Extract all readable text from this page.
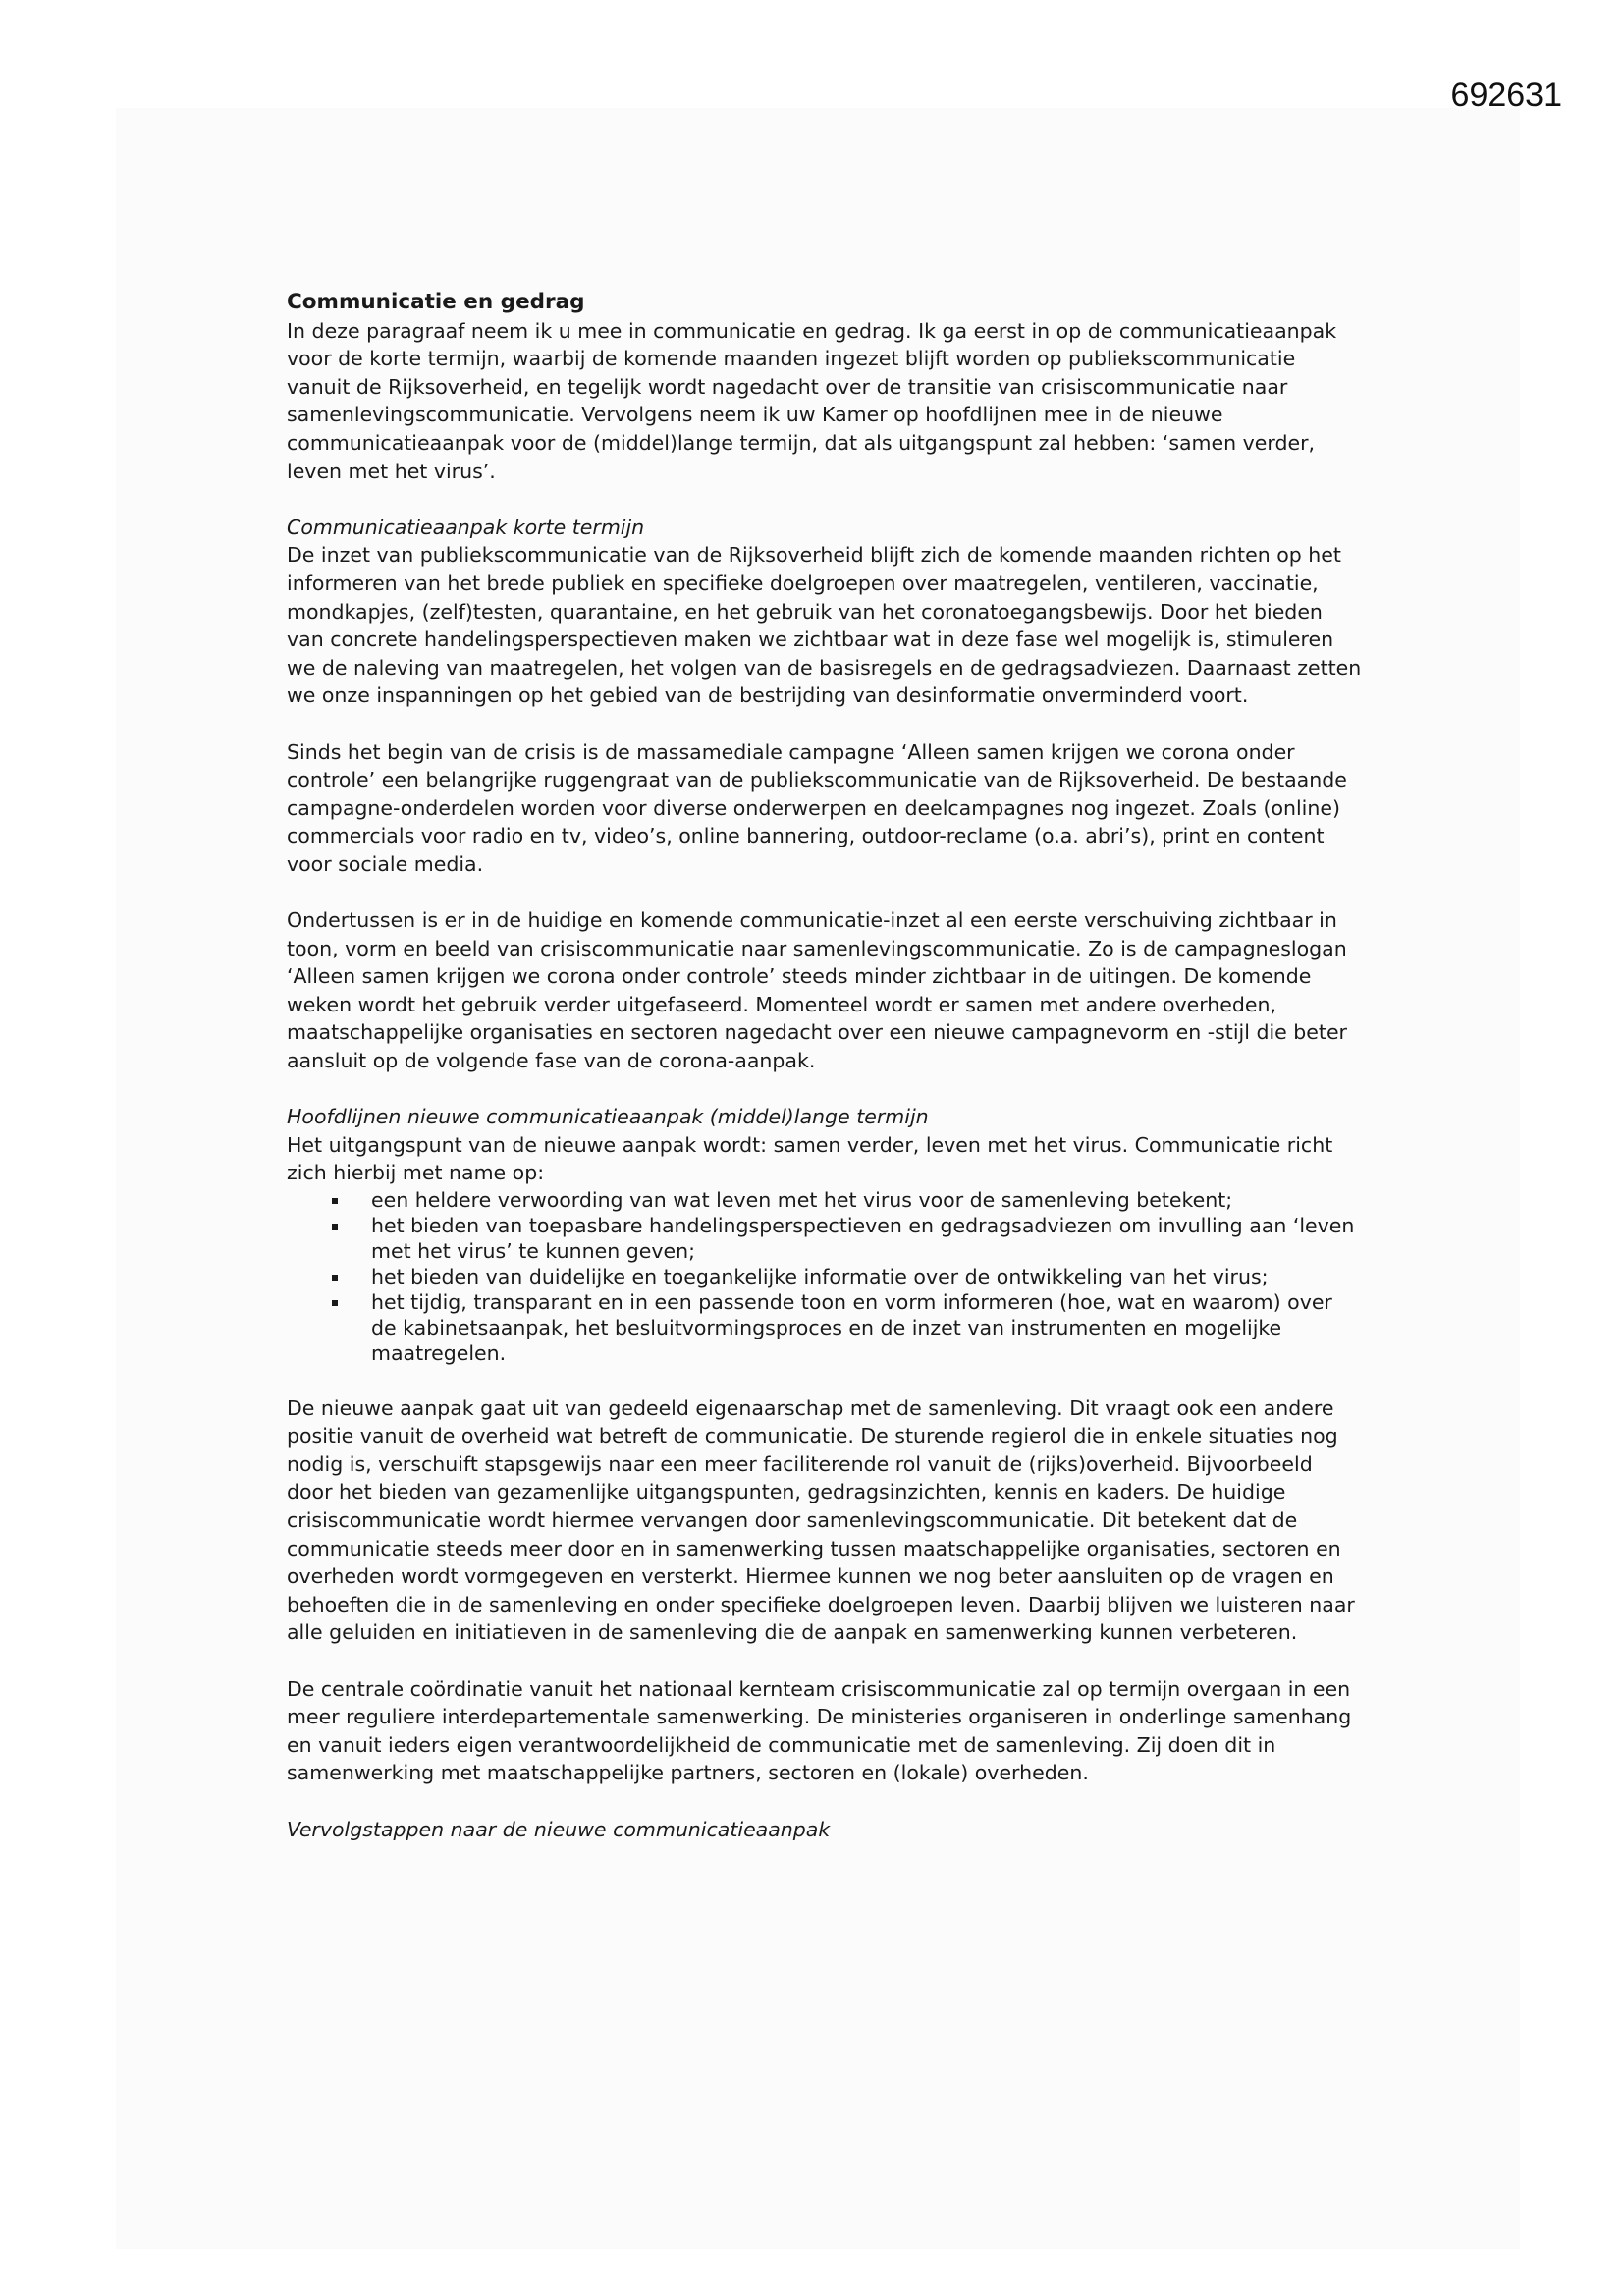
692631

Communicatie en gedrag

In deze paragraaf neem ik u mee in communicatie en gedrag. Ik ga eerst in op de communicatieaanpak voor de korte termijn, waarbij de komende maanden ingezet blijft worden op publiekscommunicatie vanuit de Rijksoverheid, en tegelijk wordt nagedacht over de transitie van crisiscommunicatie naar samenlevingscommunicatie. Vervolgens neem ik uw Kamer op hoofdlijnen mee in de nieuwe communicatieaanpak voor de (middel)lange termijn, dat als uitgangspunt zal hebben: ‘samen verder, leven met het virus’.

Communicatieaanpak korte termijn

De inzet van publiekscommunicatie van de Rijksoverheid blijft zich de komende maanden richten op het informeren van het brede publiek en specifieke doelgroepen over maatregelen, ventileren, vaccinatie, mondkapjes, (zelf)testen, quarantaine, en het gebruik van het coronatoegangsbewijs. Door het bieden van concrete handelingsperspectieven maken we zichtbaar wat in deze fase wel mogelijk is, stimuleren we de naleving van maatregelen, het volgen van de basisregels en de gedragsadviezen. Daarnaast zetten we onze inspanningen op het gebied van de bestrijding van desinformatie onverminderd voort.

Sinds het begin van de crisis is de massamediale campagne ‘Alleen samen krijgen we corona onder controle’ een belangrijke ruggengraat van de publiekscommunicatie van de Rijksoverheid. De bestaande campagne-onderdelen worden voor diverse onderwerpen en deelcampagnes nog ingezet. Zoals (online) commercials voor radio en tv, video’s, online bannering, outdoor-reclame (o.a. abri’s), print en content voor sociale media.

Ondertussen is er in de huidige en komende communicatie-inzet al een eerste verschuiving zichtbaar in toon, vorm en beeld van crisiscommunicatie naar samenlevingscommunicatie. Zo is de campagneslogan ‘Alleen samen krijgen we corona onder controle’ steeds minder zichtbaar in de uitingen. De komende weken wordt het gebruik verder uitgefaseerd. Momenteel wordt er samen met andere overheden, maatschappelijke organisaties en sectoren nagedacht over een nieuwe campagnevorm en -stijl die beter aansluit op de volgende fase van de corona-aanpak.

Hoofdlijnen nieuwe communicatieaanpak (middel)lange termijn

Het uitgangspunt van de nieuwe aanpak wordt: samen verder, leven met het virus. Communicatie richt zich hierbij met name op:

een heldere verwoording van wat leven met het virus voor de samenleving betekent;
het bieden van toepasbare handelingsperspectieven en gedragsadviezen om invulling aan ‘leven met het virus’ te kunnen geven;
het bieden van duidelijke en toegankelijke informatie over de ontwikkeling van het virus;
het tijdig, transparant en in een passende toon en vorm informeren (hoe, wat en waarom) over de kabinetsaanpak, het besluitvormingsproces en de inzet van instrumenten en mogelijke maatregelen.

De nieuwe aanpak gaat uit van gedeeld eigenaarschap met de samenleving. Dit vraagt ook een andere positie vanuit de overheid wat betreft de communicatie. De sturende regierol die in enkele situaties nog nodig is, verschuift stapsgewijs naar een meer faciliterende rol vanuit de (rijks)overheid. Bijvoorbeeld door het bieden van gezamenlijke uitgangspunten, gedragsinzichten, kennis en kaders. De huidige crisiscommunicatie wordt hiermee vervangen door samenlevingscommunicatie. Dit betekent dat de communicatie steeds meer door en in samenwerking tussen maatschappelijke organisaties, sectoren en overheden wordt vormgegeven en versterkt. Hiermee kunnen we nog beter aansluiten op de vragen en behoeften die in de samenleving en onder specifieke doelgroepen leven. Daarbij blijven we luisteren naar alle geluiden en initiatieven in de samenleving die de aanpak en samenwerking kunnen verbeteren.

De centrale coördinatie vanuit het nationaal kernteam crisiscommunicatie zal op termijn overgaan in een meer reguliere interdepartementale samenwerking. De ministeries organiseren in onderlinge samenhang en vanuit ieders eigen verantwoordelijkheid de communicatie met de samenleving. Zij doen dit in samenwerking met maatschappelijke partners, sectoren en (lokale) overheden.

Vervolgstappen naar de nieuwe communicatieaanpak
